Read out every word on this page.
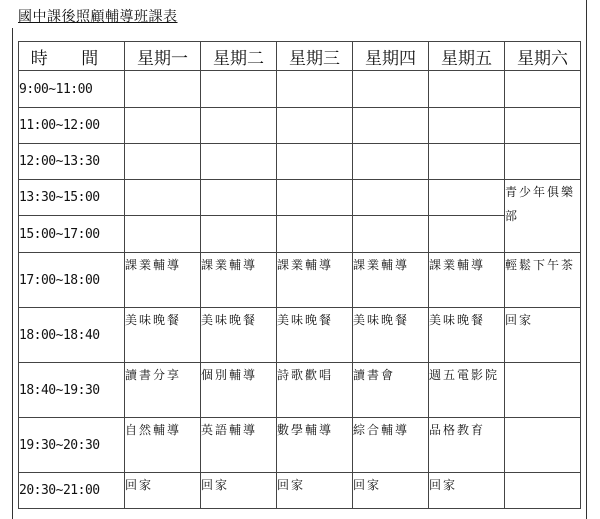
國中課後照顧輔導班課表
時 間	星期一	星期二	星期三	星期四	星期五	星期六
9:00~11:00						
11:00~12:00						
12:00~13:30						
13:30~15:00						青少年俱樂部
15:00~17:00						
17:00~18:00	課業輔導	課業輔導	課業輔導	課業輔導	課業輔導	輕鬆下午茶
18:00~18:40	美味晚餐	美味晚餐	美味晚餐	美味晚餐	美味晚餐	回家
18:40~19:30	讀書分享	個別輔導	詩歌歡唱	讀書會	週五電影院	
19:30~20:30	自然輔導	英語輔導	數學輔導	綜合輔導	品格教育	
20:30~21:00	回家	回家	回家	回家	回家	
